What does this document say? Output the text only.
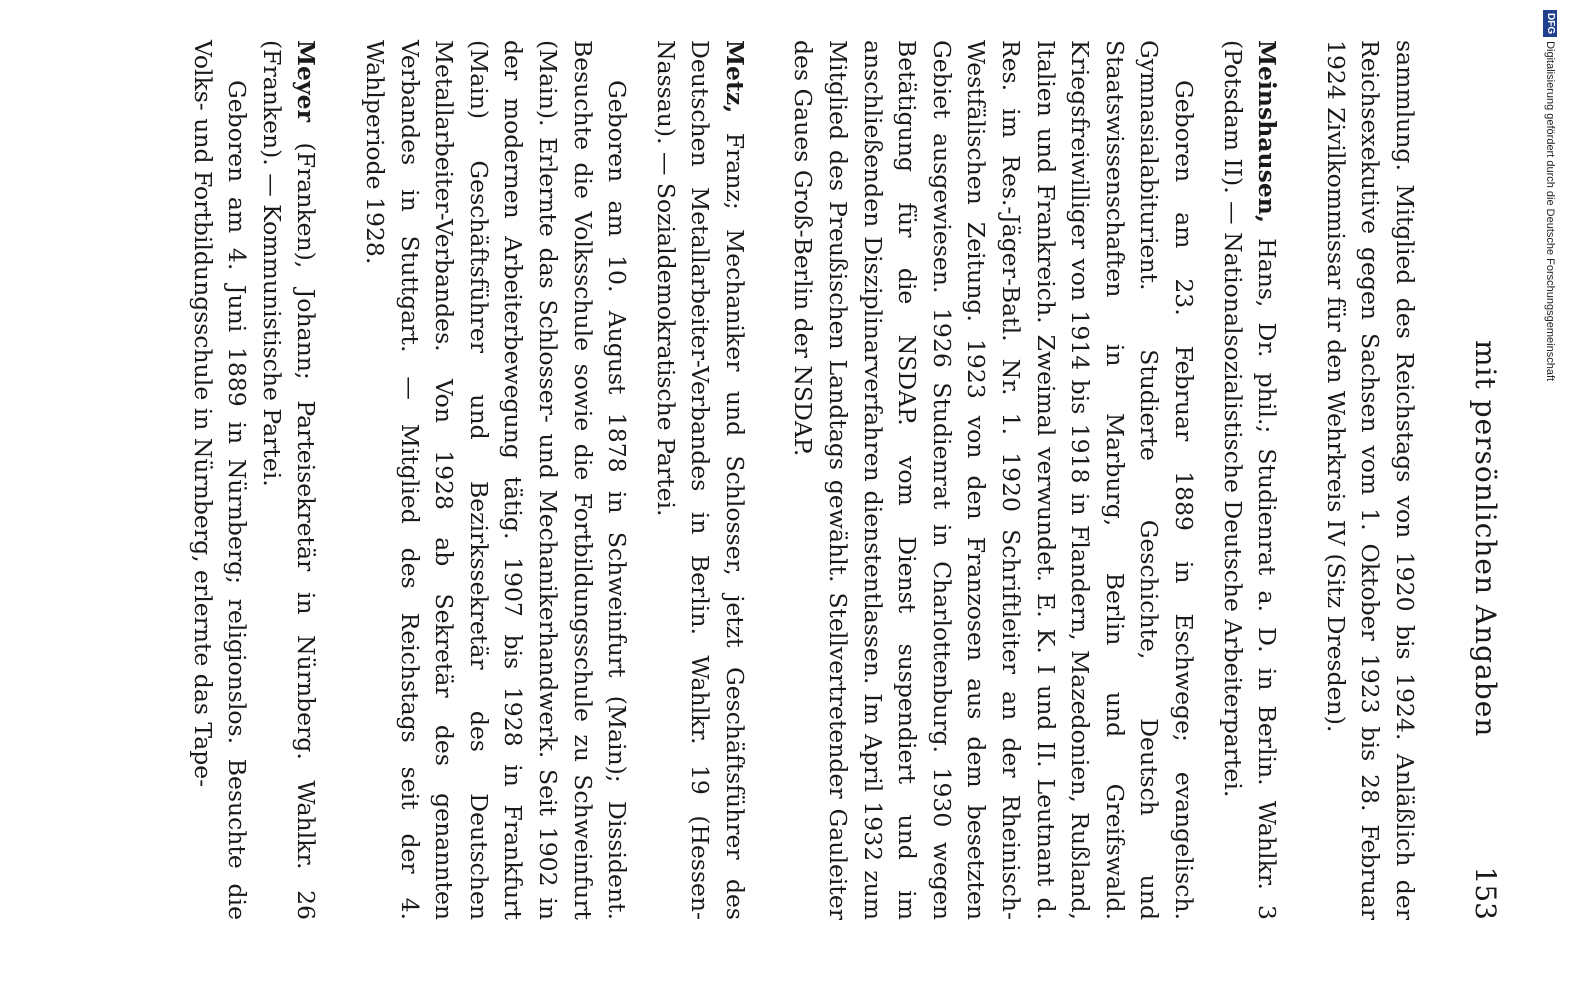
mit persönlichen Angaben
153

sammlung. Mitglied des Reichstags von 1920 bis 1924. Anläßlich der Reichsexekutive gegen Sachsen vom 1. Oktober 1923 bis 28. Februar 1924 Zivilkommissar für den Wehrkreis IV (Sitz Dresden).

Meinshausen, Hans, Dr. phil.; Studienrat a. D. in Berlin. Wahlkr. 3 (Potsdam II). — Nationalsozialistische Deutsche Arbeiterpartei.

Geboren am 23. Februar 1889 in Eschwege; evangelisch. Gymnasialabiturient. Studierte Geschichte, Deutsch und Staatswissenschaften in Marburg, Berlin und Greifswald. Kriegsfreiwilliger von 1914 bis 1918 in Flandern, Mazedonien, Rußland, Italien und Frankreich. Zweimal verwundet. E. K. I und II. Leutnant d. Res. im Res.-Jäger-Batl. Nr. 1. 1920 Schriftleiter an der Rheinisch-Westfälischen Zeitung. 1923 von den Franzosen aus dem besetzten Gebiet ausgewiesen. 1926 Studienrat in Charlottenburg. 1930 wegen Betätigung für die NSDAP. vom Dienst suspendiert und im anschließenden Disziplinarverfahren dienstentlassen. Im April 1932 zum Mitglied des Preußischen Landtags gewählt. Stellvertretender Gauleiter des Gaues Groß-Berlin der NSDAP.

Metz, Franz; Mechaniker und Schlosser, jetzt Geschäftsführer des Deutschen Metallarbeiter-Verbandes in Berlin. Wahlkr. 19 (Hessen-Nassau). — Sozialdemokratische Partei.

Geboren am 10. August 1878 in Schweinfurt (Main); Dissident. Besuchte die Volksschule sowie die Fortbildungsschule zu Schweinfurt (Main). Erlernte das Schlosser- und Mechanikerhandwerk. Seit 1902 in der modernen Arbeiterbewegung tätig. 1907 bis 1928 in Frankfurt (Main) Geschäftsführer und Bezirkssekretär des Deutschen Metallarbeiter-Verbandes. Von 1928 ab Sekretär des genannten Verbandes in Stuttgart. — Mitglied des Reichstags seit der 4. Wahlperiode 1928.

Meyer (Franken), Johann; Parteisekretär in Nürnberg. Wahlkr. 26 (Franken). — Kommunistische Partei.

Geboren am 4. Juni 1889 in Nürnberg; religionslos. Besuchte die Volks- und Fortbildungsschule in Nürnberg, erlernte das Tape-

DFGDigitalisierung gefördert durch die Deutsche Forschungsgemeinschaft
